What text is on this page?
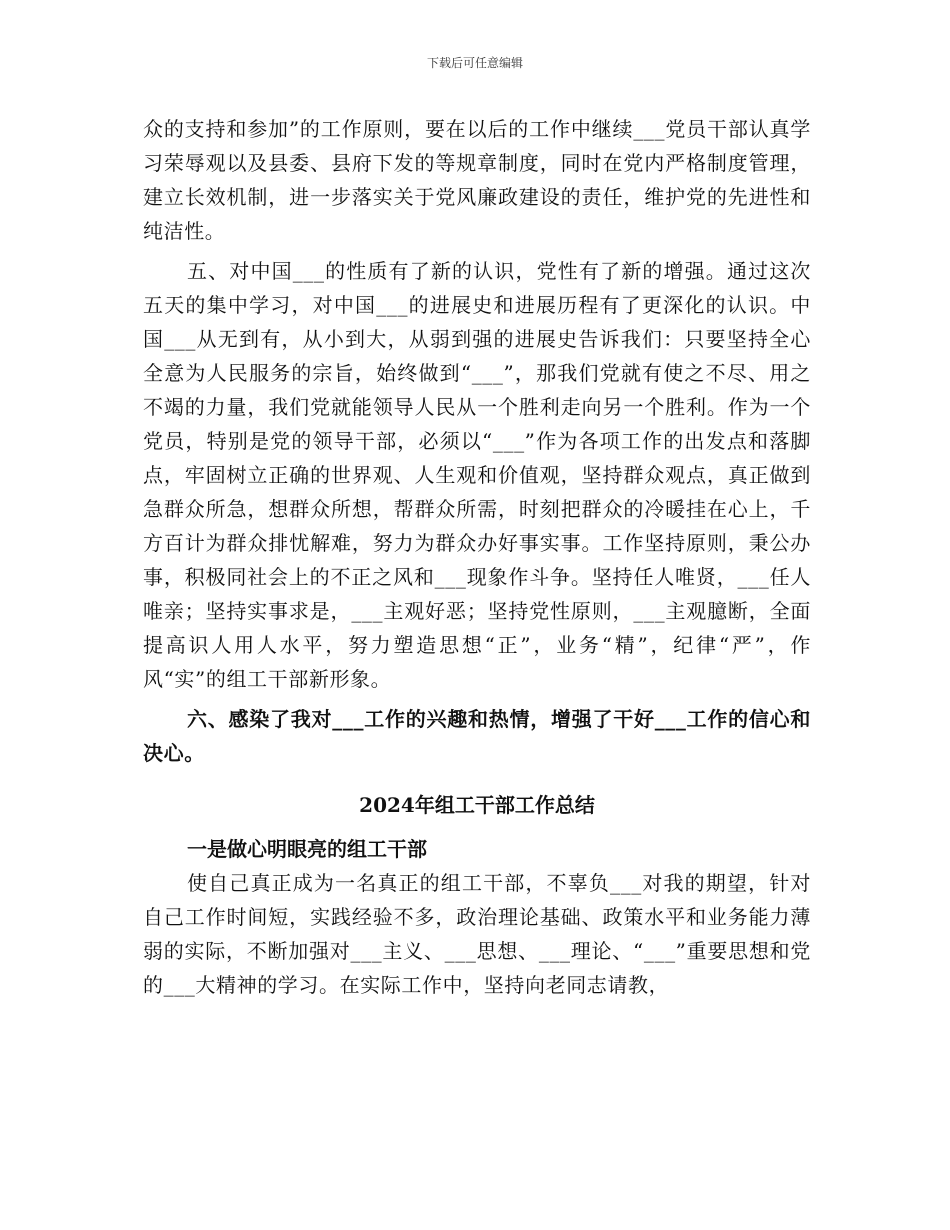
下载后可任意编辑

众的支持和参加”的工作原则，要在以后的工作中继续___党员干部认真学习荣辱观以及县委、县府下发的等规章制度，同时在党内严格制度管理，建立长效机制，进一步落实关于党风廉政建设的责任，维护党的先进性和纯洁性。

五、对中国___的性质有了新的认识，党性有了新的增强。通过这次五天的集中学习，对中国___的进展史和进展历程有了更深化的认识。中国___从无到有，从小到大，从弱到强的进展史告诉我们：只要坚持全心全意为人民服务的宗旨，始终做到“___”，那我们党就有使之不尽、用之不竭的力量，我们党就能领导人民从一个胜利走向另一个胜利。作为一个党员，特别是党的领导干部，必须以“___”作为各项工作的出发点和落脚点，牢固树立正确的世界观、人生观和价值观，坚持群众观点，真正做到急群众所急，想群众所想，帮群众所需，时刻把群众的冷暖挂在心上，千方百计为群众排忧解难，努力为群众办好事实事。工作坚持原则，秉公办事，积极同社会上的不正之风和___现象作斗争。坚持任人唯贤，___任人唯亲；坚持实事求是，___主观好恶；坚持党性原则，___主观臆断，全面提高识人用人水平，努力塑造思想“正”，业务“精”，纪律“严”，作风“实”的组工干部新形象。

六、感染了我对___工作的兴趣和热情，增强了干好___工作的信心和决心。

2024年组工干部工作总结

一是做心明眼亮的组工干部

使自己真正成为一名真正的组工干部，不辜负___对我的期望，针对自己工作时间短，实践经验不多，政治理论基础、政策水平和业务能力薄弱的实际，不断加强对___主义、___思想、___理论、“___”重要思想和党的___大精神的学习。在实际工作中，坚持向老同志请教，
